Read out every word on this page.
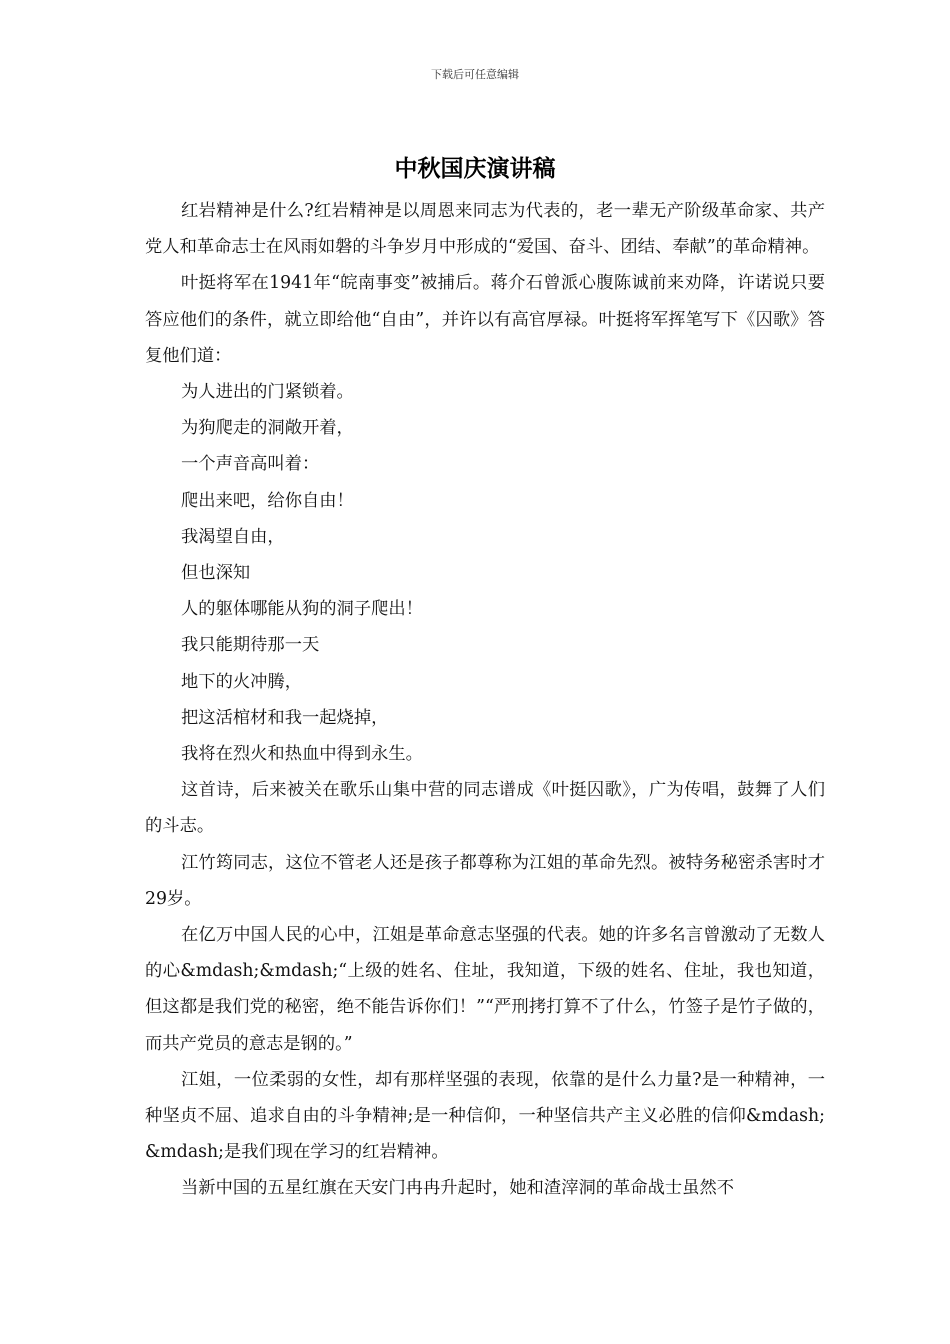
下载后可任意编辑
中秋国庆演讲稿

红岩精神是什么?红岩精神是以周恩来同志为代表的，老一辈无产阶级革命家、共产党人和革命志士在风雨如磐的斗争岁月中形成的“爱国、奋斗、团结、奉献”的革命精神。

叶挺将军在1941年“皖南事变”被捕后。蒋介石曾派心腹陈诚前来劝降，许诺说只要答应他们的条件，就立即给他“自由”，并许以有高官厚禄。叶挺将军挥笔写下《囚歌》答复他们道：

为人进出的门紧锁着。

为狗爬走的洞敞开着，

一个声音高叫着：

爬出来吧，给你自由！

我渴望自由，

但也深知

人的躯体哪能从狗的洞子爬出！

我只能期待那一天

地下的火冲腾，

把这活棺材和我一起烧掉，

我将在烈火和热血中得到永生。

这首诗，后来被关在歌乐山集中营的同志谱成《叶挺囚歌》，广为传唱，鼓舞了人们的斗志。

江竹筠同志，这位不管老人还是孩子都尊称为江姐的革命先烈。被特务秘密杀害时才29岁。

在亿万中国人民的心中，江姐是革命意志坚强的代表。她的许多名言曾激动了无数人的心&mdash;&mdash;“上级的姓名、住址，我知道，下级的姓名、住址，我也知道，但这都是我们党的秘密，绝不能告诉你们！”“严刑拷打算不了什么，竹签子是竹子做的，而共产党员的意志是钢的。”

江姐，一位柔弱的女性，却有那样坚强的表现，依靠的是什么力量?是一种精神，一种坚贞不屈、追求自由的斗争精神;是一种信仰，一种坚信共产主义必胜的信仰&mdash;&mdash;是我们现在学习的红岩精神。

当新中国的五星红旗在天安门冉冉升起时，她和渣滓洞的革命战士虽然不
